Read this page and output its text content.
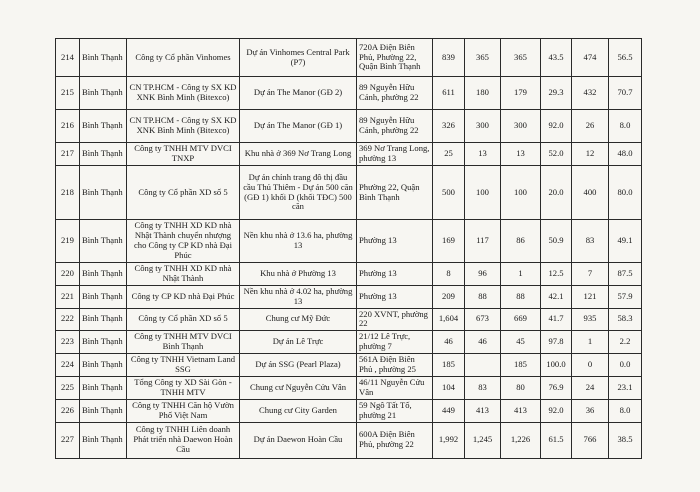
214	Bình Thạnh	Công ty Cổ phần Vinhomes	Dự án Vinhomes Central Park (P7)	720A Điện Biên Phủ, Phường 22, Quận Bình Thạnh	839	365	365	43.5	474	56.5
215	Bình Thạnh	CN TP.HCM - Công ty SX KD XNK Bình Minh (Bitexco)	Dự án The Manor (GĐ 2)	89 Nguyễn Hữu Cảnh, phường 22	611	180	179	29.3	432	70.7
216	Bình Thạnh	CN TP.HCM - Công ty SX KD XNK Bình Minh (Bitexco)	Dự án The Manor (GĐ 1)	89 Nguyễn Hữu Cảnh, phường 22	326	300	300	92.0	26	8.0
217	Bình Thạnh	Công ty TNHH MTV DVCI TNXP	Khu nhà ở 369 Nơ Trang Long	369 Nơ Trang Long, phường 13	25	13	13	52.0	12	48.0
218	Bình Thạnh	Công ty Cổ phần XD số 5	Dự án chỉnh trang đô thị đầu cầu Thủ Thiêm - Dự án 500 căn (GĐ 1) khối D (khối TĐC) 500 căn	Phường 22, Quận Bình Thạnh	500	100	100	20.0	400	80.0
219	Bình Thạnh	Công ty TNHH XD KD nhà Nhật Thành chuyển nhượng cho Công ty CP KD nhà Đại Phúc	Nền khu nhà ở 13.6 ha, phường 13	Phường 13	169	117	86	50.9	83	49.1
220	Bình Thạnh	Công ty TNHH XD KD nhà Nhật Thành	Khu nhà ở Phường 13	Phường 13	8	96	1	12.5	7	87.5
221	Bình Thạnh	Công ty CP KD nhà Đại Phúc	Nền khu nhà ở 4.02 ha, phường 13	Phường 13	209	88	88	42.1	121	57.9
222	Bình Thạnh	Công ty Cổ phần XD số 5	Chung cư Mỹ Đức	220 XVNT, phường 22	1,604	673	669	41.7	935	58.3
223	Bình Thạnh	Công ty TNHH MTV DVCI Bình Thạnh	Dự án Lê Trực	21/12 Lê Trực, phường 7	46	46	45	97.8	1	2.2
224	Bình Thạnh	Công ty TNHH Vietnam Land SSG	Dự án SSG (Pearl Plaza)	561A Điện Biên Phủ , phường 25	185		185	100.0	0	0.0
225	Bình Thạnh	Tổng Công ty XD Sài Gòn - TNHH MTV	Chung cư Nguyễn Cửu Vân	46/11 Nguyễn Cửu Vân	104	83	80	76.9	24	23.1
226	Bình Thạnh	Công ty TNHH Căn hộ Vườn Phố Việt Nam	Chung cư City Garden	59 Ngô Tất Tố, phường 21	449	413	413	92.0	36	8.0
227	Bình Thạnh	Công ty TNHH Liên doanh Phát triển nhà Daewon Hoàn Cầu	Dự án Daewon Hoàn Cầu	600A Điện Biên Phủ, phường 22	1,992	1,245	1,226	61.5	766	38.5
